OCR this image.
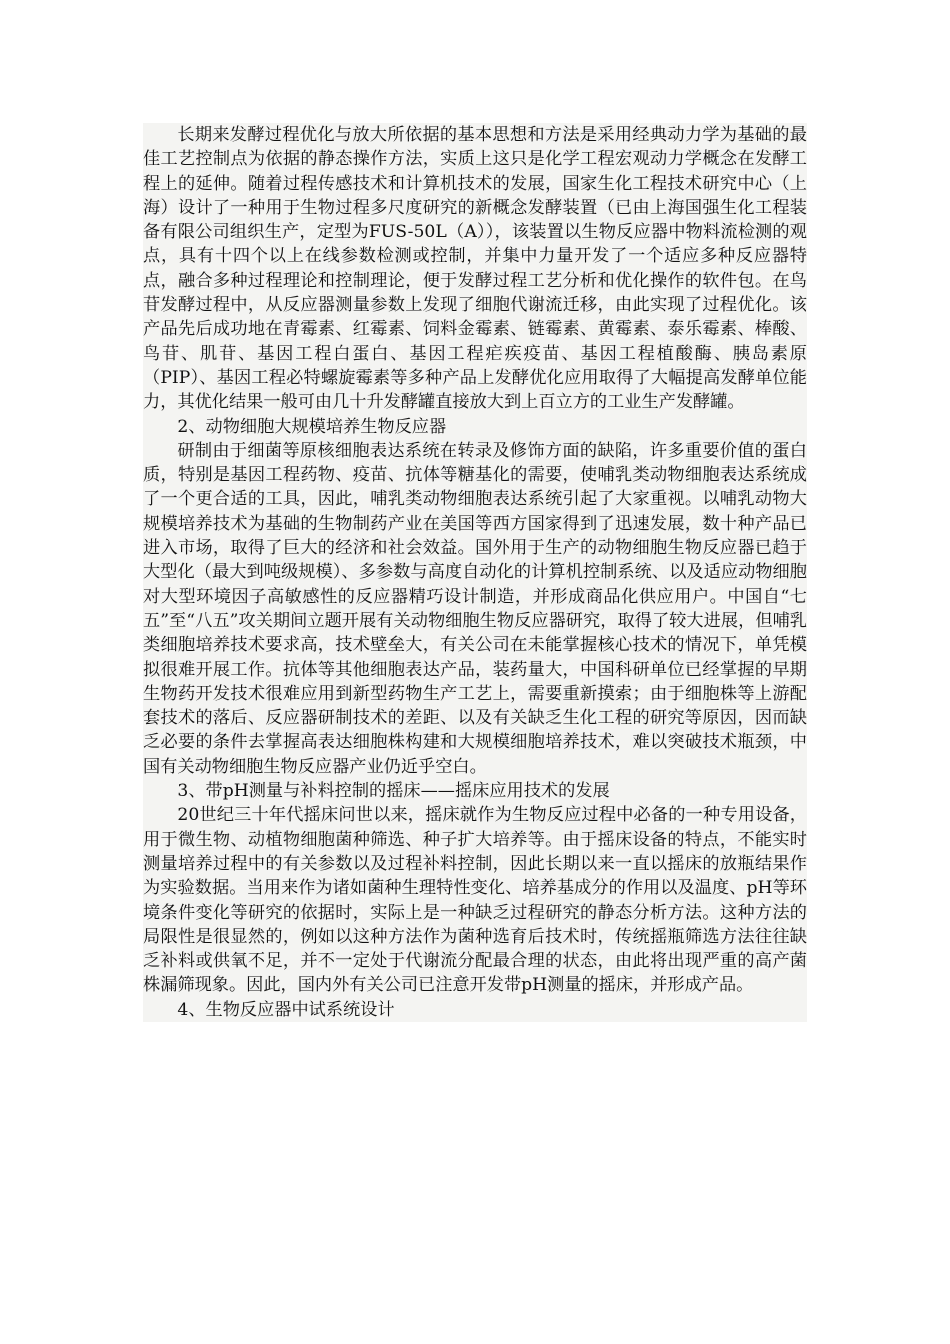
长期来发酵过程优化与放大所依据的基本思想和方法是采用经典动力学为基础的最佳工艺控制点为依据的静态操作方法，实质上这只是化学工程宏观动力学概念在发酵工程上的延伸。随着过程传感技术和计算机技术的发展，国家生化工程技术研究中心（上海）设计了一种用于生物过程多尺度研究的新概念发酵装置（已由上海国强生化工程装备有限公司组织生产，定型为FUS-50L（A）），该装置以生物反应器中物料流检测的观点，具有十四个以上在线参数检测或控制，并集中力量开发了一个适应多种反应器特点，融合多种过程理论和控制理论，便于发酵过程工艺分析和优化操作的软件包。在鸟苷发酵过程中，从反应器测量参数上发现了细胞代谢流迁移，由此实现了过程优化。该产品先后成功地在青霉素、红霉素、饲料金霉素、链霉素、黄霉素、泰乐霉素、棒酸、鸟苷、肌苷、基因工程白蛋白、基因工程疟疾疫苗、基因工程植酸酶、胰岛素原（PIP）、基因工程必特螺旋霉素等多种产品上发酵优化应用取得了大幅提高发酵单位能力，其优化结果一般可由几十升发酵罐直接放大到上百立方的工业生产发酵罐。

2、动物细胞大规模培养生物反应器

研制由于细菌等原核细胞表达系统在转录及修饰方面的缺陷，许多重要价值的蛋白质，特别是基因工程药物、疫苗、抗体等糖基化的需要，使哺乳类动物细胞表达系统成了一个更合适的工具，因此，哺乳类动物细胞表达系统引起了大家重视。以哺乳动物大规模培养技术为基础的生物制药产业在美国等西方国家得到了迅速发展，数十种产品已进入市场，取得了巨大的经济和社会效益。国外用于生产的动物细胞生物反应器已趋于大型化（最大到吨级规模）、多参数与高度自动化的计算机控制系统、以及适应动物细胞对大型环境因子高敏感性的反应器精巧设计制造，并形成商品化供应用户。中国自“七五”至“八五”攻关期间立题开展有关动物细胞生物反应器研究，取得了较大进展，但哺乳类细胞培养技术要求高，技术壁垒大，有关公司在未能掌握核心技术的情况下，单凭模拟很难开展工作。抗体等其他细胞表达产品，装药量大，中国科研单位已经掌握的早期生物药开发技术很难应用到新型药物生产工艺上，需要重新摸索；由于细胞株等上游配套技术的落后、反应器研制技术的差距、以及有关缺乏生化工程的研究等原因，因而缺乏必要的条件去掌握高表达细胞株构建和大规模细胞培养技术，难以突破技术瓶颈，中国有关动物细胞生物反应器产业仍近乎空白。

3、带pH测量与补料控制的摇床——摇床应用技术的发展

20世纪三十年代摇床问世以来，摇床就作为生物反应过程中必备的一种专用设备，用于微生物、动植物细胞菌种筛选、种子扩大培养等。由于摇床设备的特点，不能实时测量培养过程中的有关参数以及过程补料控制，因此长期以来一直以摇床的放瓶结果作为实验数据。当用来作为诸如菌种生理特性变化、培养基成分的作用以及温度、pH等环境条件变化等研究的依据时，实际上是一种缺乏过程研究的静态分析方法。这种方法的局限性是很显然的，例如以这种方法作为菌种选育后技术时，传统摇瓶筛选方法往往缺乏补料或供氧不足，并不一定处于代谢流分配最合理的状态，由此将出现严重的高产菌株漏筛现象。因此，国内外有关公司已注意开发带pH测量的摇床，并形成产品。

4、生物反应器中试系统设计
